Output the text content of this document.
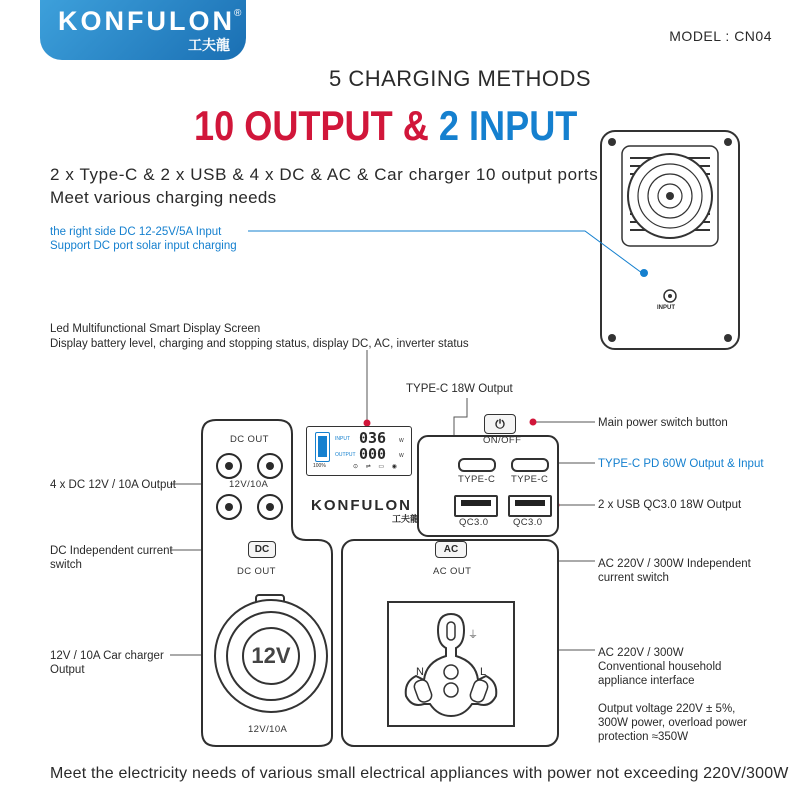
KONFULON ®
工夫龍
MODEL : CN04
5 CHARGING METHODS
10 OUTPUT & 2 INPUT
2 x Type-C & 2 x USB & 4 x DC & AC & Car charger 10 output ports
Meet various charging needs
the right side DC 12-25V/5A Input
Support DC port solar input charging
INPUT
Led Multifunctional Smart Display Screen
Display battery level, charging and stopping status, display DC, AC, inverter status
TYPE-C 18W Output
DC OUT
12V/10A
DC
DC OUT
12V
12V/10A
100%
INPUT
OUTPUT
036
000
W
W
⊙ ⇌ ▭ ◉
KONFULON
工夫龍
⏻
ON/OFF
TYPE-C TYPE-C
QC3.0	QC3.0
AC
AC OUT
⏚
N	L
Main power switch button
TYPE-C PD 60W Output & Input
2 x USB QC3.0 18W Output
AC 220V / 300W Independent
current switch
AC 220V / 300W
Conventional household
appliance interface
Output voltage 220V ± 5%,
300W power, overload power
protection ≈350W
4 x DC 12V / 10A Output
DC Independent current
switch
12V / 10A Car charger
Output
Meet the electricity needs of various small electrical appliances with power not exceeding 220V/300W
